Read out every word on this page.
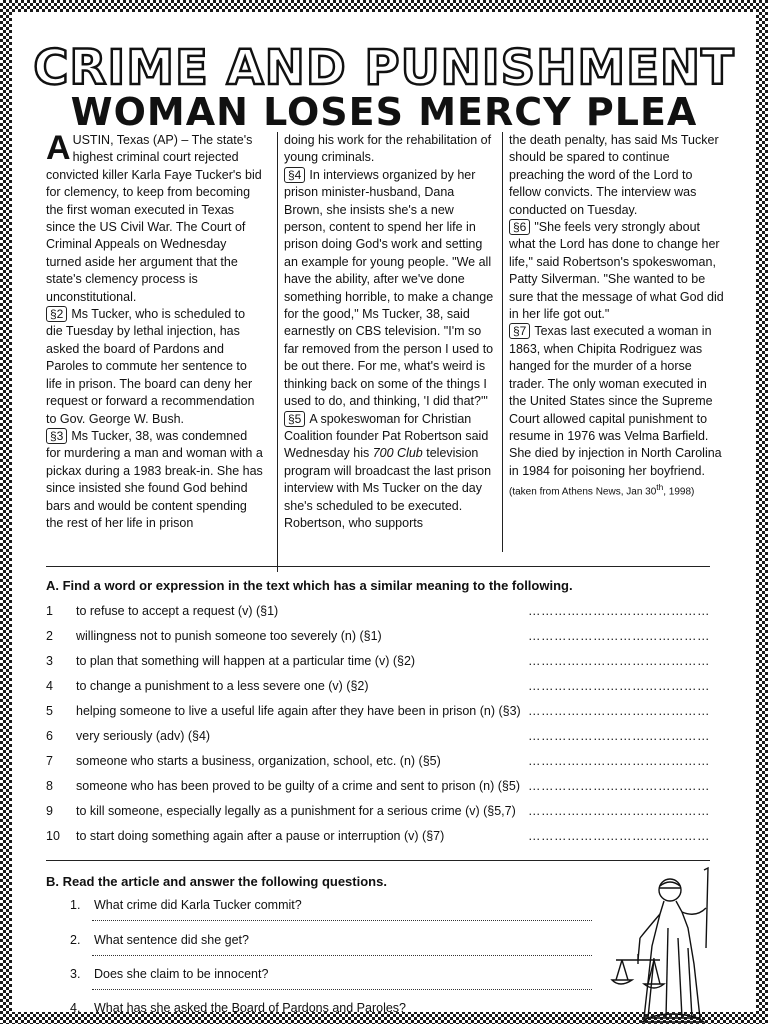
CRIME AND PUNISHMENT
WOMAN LOSES MERCY PLEA

AUSTIN, Texas (AP) – The state's highest criminal court rejected convicted killer Karla Faye Tucker's bid for clemency, to keep from becoming the first woman executed in Texas since the US Civil War. The Court of Criminal Appeals on Wednesday turned aside her argument that the state's clemency process is unconstitutional.

§2 Ms Tucker, who is scheduled to die Tuesday by lethal injection, has asked the board of Pardons and Paroles to commute her sentence to life in prison. The board can deny her request or forward a recommendation to Gov. George W. Bush.

§3 Ms Tucker, 38, was condemned for murdering a man and woman with a pickax during a 1983 break-in. She has since insisted she found God behind bars and would be content spending the rest of her life in prison

doing his work for the rehabilitation of young criminals.

§4 In interviews organized by her prison minister-husband, Dana Brown, she insists she's a new person, content to spend her life in prison doing God's work and setting an example for young people. "We all have the ability, after we've done something horrible, to make a change for the good," Ms Tucker, 38, said earnestly on CBS television. "I'm so far removed from the person I used to be out there. For me, what's weird is thinking back on some of the things I used to do, and thinking, 'I did that?'"

§5 A spokeswoman for Christian Coalition founder Pat Robertson said Wednesday his 700 Club television program will broadcast the last prison interview with Ms Tucker on the day she's scheduled to be executed. Robertson, who supports

the death penalty, has said Ms Tucker should be spared to continue preaching the word of the Lord to fellow convicts. The interview was conducted on Tuesday.

§6 "She feels very strongly about what the Lord has done to change her life," said Robertson's spokeswoman, Patty Silverman. "She wanted to be sure that the message of what God did in her life got out."

§7 Texas last executed a woman in 1863, when Chipita Rodriguez was hanged for the murder of a horse trader. The only woman executed in the United States since the Supreme Court allowed capital punishment to resume in 1976 was Velma Barfield. She died by injection in North Carolina in 1984 for poisoning her boyfriend.

(taken from Athens News, Jan 30th, 1998)

A. Find a word or expression in the text which has a similar meaning to the following.
1 to refuse to accept a request (v) (§1)	……………………………………
2 willingness not to punish someone too severely (n) (§1)	……………………………………
3 to plan that something will happen at a particular time (v) (§2)	……………………………………
4 to change a punishment to a less severe one (v) (§2)	……………………………………
5 helping someone to live a useful life again after they have been in prison (n) (§3) ……………………………………
6 very seriously (adv) (§4)	……………………………………
7 someone who starts a business, organization, school, etc. (n) (§5)	……………………………………
8 someone who has been proved to be guilty of a crime and sent to prison (n) (§5) ……………………………………
9 to kill someone, especially legally as a punishment for a serious crime (v) (§5,7) ……………………………………
10 to start doing something again after a pause or interruption (v) (§7)	……………………………………
B. Read the article and answer the following questions.
1. What crime did Karla Tucker commit?
2. What sentence did she get?
3. Does she claim to be innocent?
4. What has she asked the Board of Pardons and Paroles?
